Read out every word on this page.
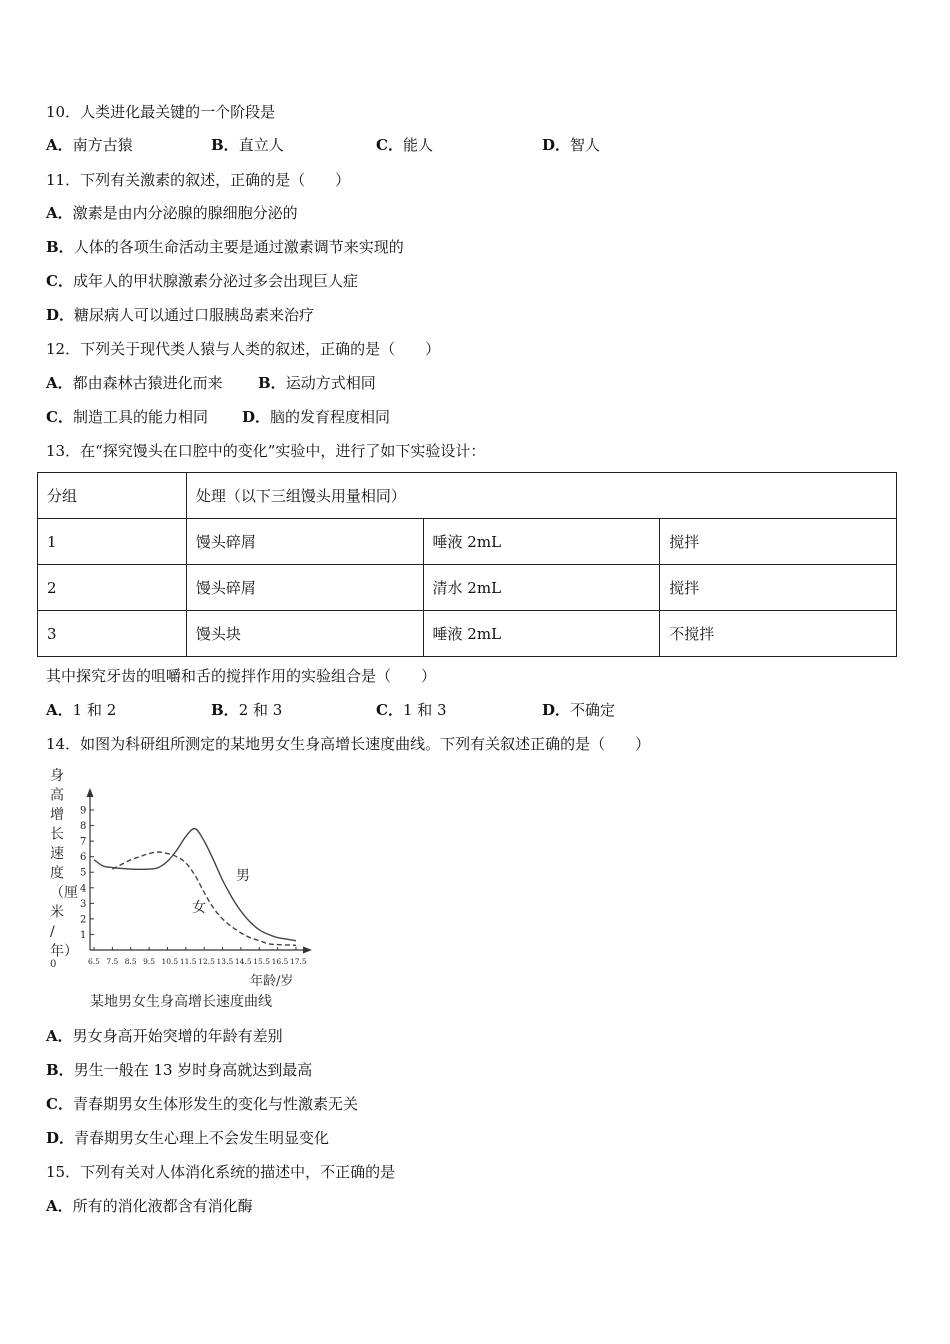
10．人类进化最关键的一个阶段是
A．南方古猿	B．直立人	C．能人	D．智人
11．下列有关激素的叙述，正确的是（　　）
A．激素是由内分泌腺的腺细胞分泌的
B．人体的各项生命活动主要是通过激素调节来实现的
C．成年人的甲状腺激素分泌过多会出现巨人症
D．糖尿病人可以通过口服胰岛素来治疗
12．下列关于现代类人猿与人类的叙述，正确的是（　　）
A．都由森林古猿进化而来 B．运动方式相同
C．制造工具的能力相同 D．脑的发育程度相同
13．在“探究馒头在口腔中的变化”实验中，进行了如下实验设计：
分组	处理（以下三组馒头用量相同）		
1	馒头碎屑	唾液 2mL	搅拌
2	馒头碎屑	清水 2mL	搅拌
3	馒头块	唾液 2mL	不搅拌
其中探究牙齿的咀嚼和舌的搅拌作用的实验组合是（　　）
A．1 和 2	B．2 和 3	C．1 和 3	D．不确定
14．如图为科研组所测定的某地男女生身高增长速度曲线。下列有关叙述正确的是（　　）
身
高
增
长
速
度
（厘
米
/
年）
1
2
3
4
5
6
7
8
9
6.5 7.5 8.5 9.5 10.5 11.5 12.5 13.5 14.5 15.5 16.5 17.5
0
男
女
年龄/岁
某地男女生身高增长速度曲线
A．男女身高开始突增的年龄有差别
B．男生一般在 13 岁时身高就达到最高
C．青春期男女生体形发生的变化与性激素无关
D．青春期男女生心理上不会发生明显变化
15．下列有关对人体消化系统的描述中，不正确的是
A．所有的消化液都含有消化酶
